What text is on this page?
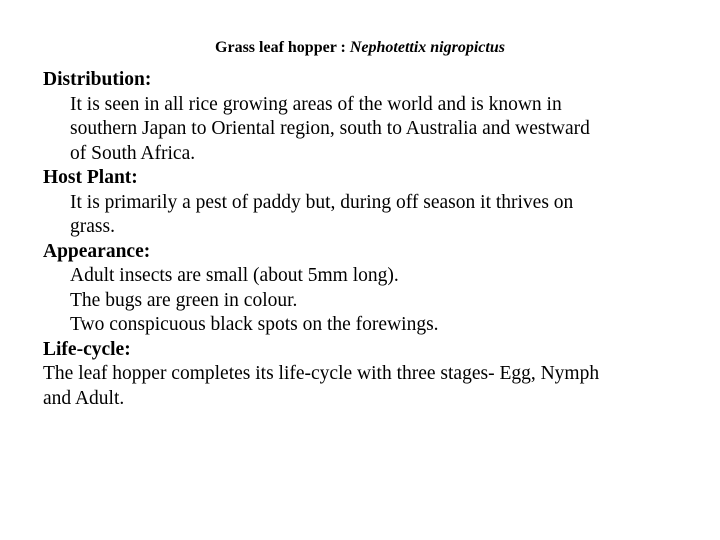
Grass leaf hopper : Nephotettix nigropictus

Distribution:

It is seen in all rice growing areas of the world and is known in
southern Japan to Oriental region, south to Australia and westward
of South Africa.

Host Plant:

It is primarily a pest of paddy but, during off season it thrives on
grass.

Appearance:

Adult insects are small (about 5mm long).
The bugs are green in colour.
Two conspicuous black spots on the forewings.

Life-cycle:

The leaf hopper completes its life-cycle with three stages- Egg, Nymph
and Adult.
